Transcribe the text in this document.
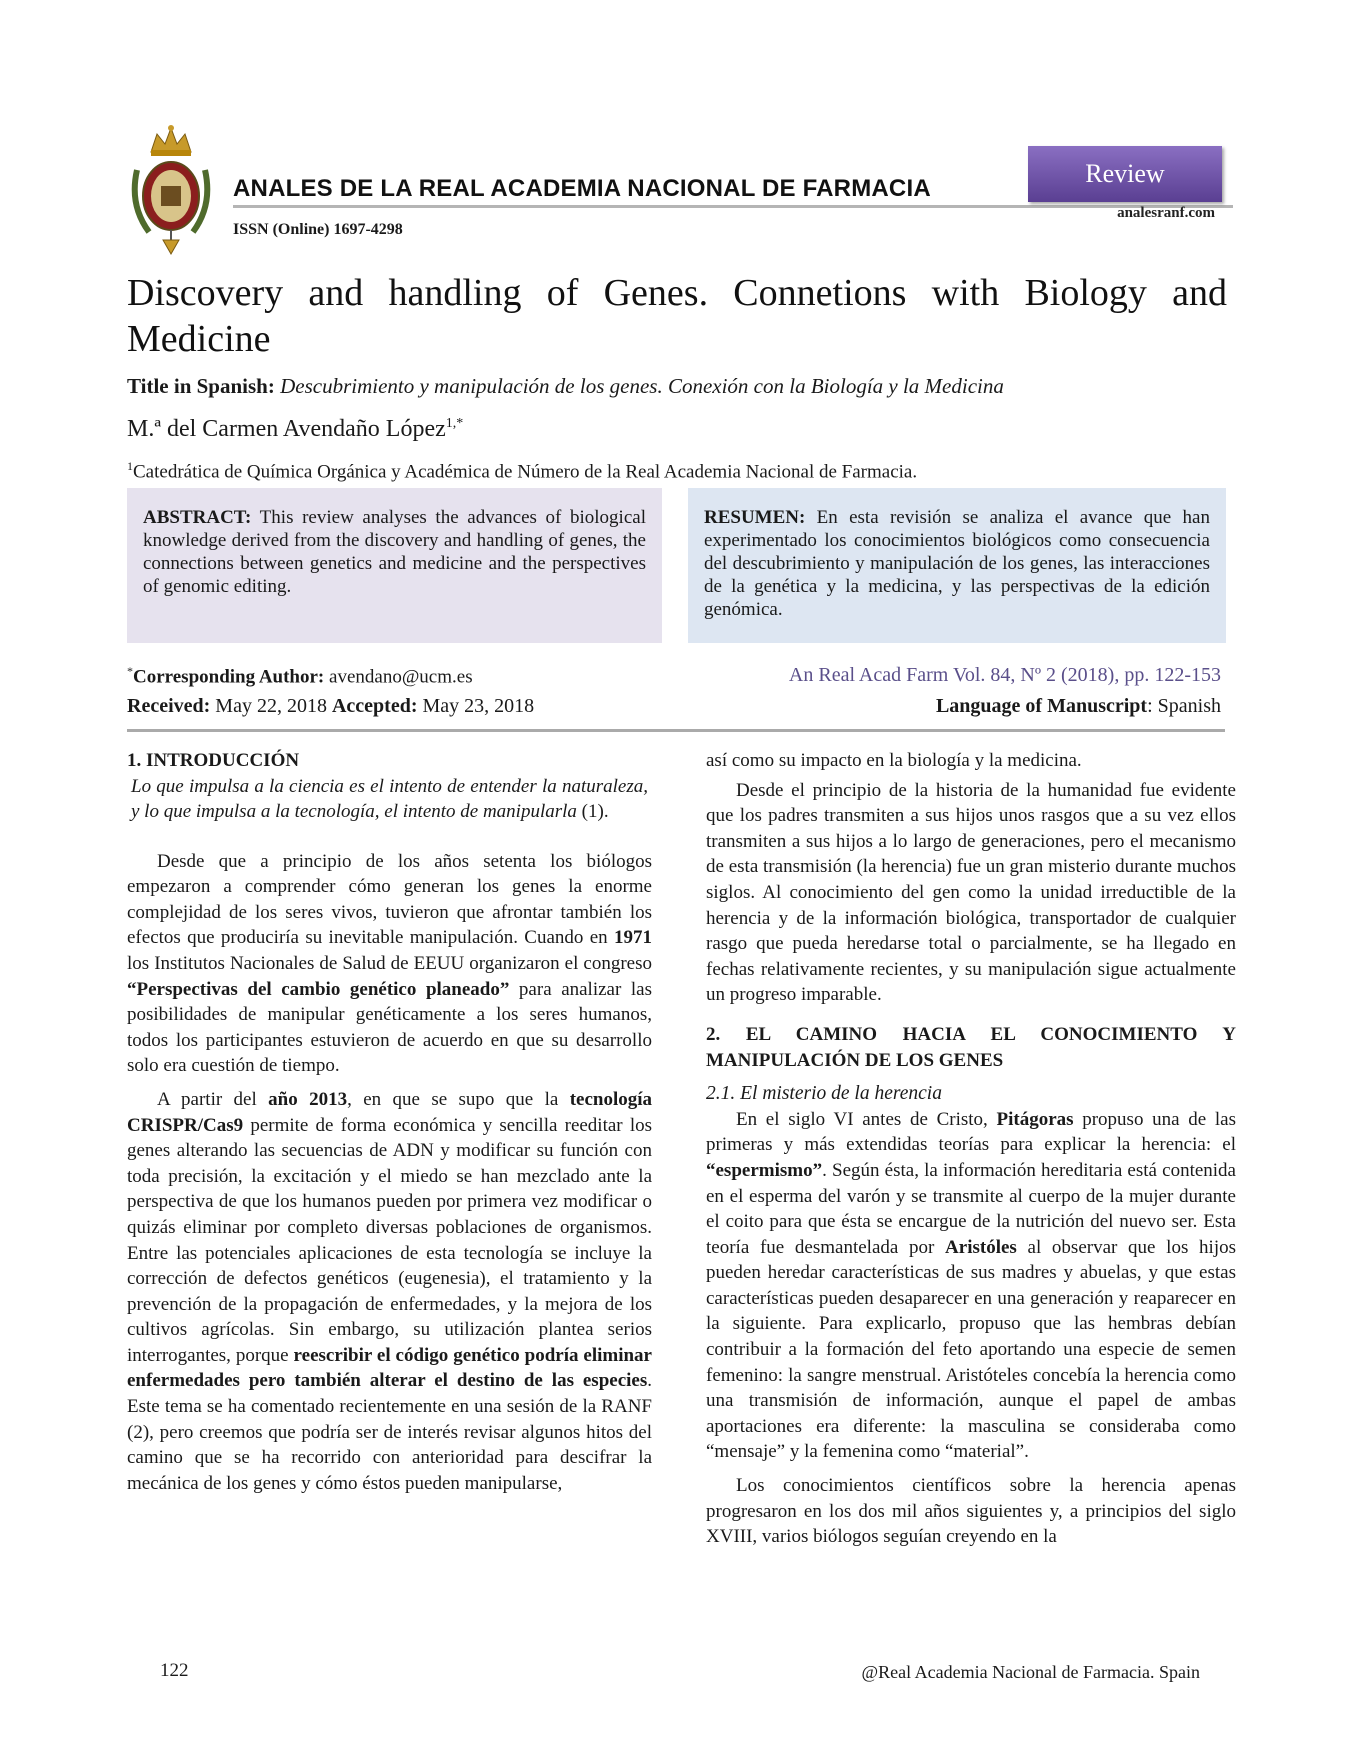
ANALES DE LA REAL ACADEMIA NACIONAL DE FARMACIA
ISSN (Online) 1697-4298
Review
analesranf.com
Discovery and handling of Genes. Connetions with Biology and Medicine
Title in Spanish: Descubrimiento y manipulación de los genes. Conexión con la Biología y la Medicina
M.ª del Carmen Avendaño López$^{1,*}$
$^1$Catedrática de Química Orgánica y Académica de Número de la Real Academia Nacional de Farmacia.
ABSTRACT: This review analyses the advances of biological knowledge derived from the discovery and handling of genes, the connections between genetics and medicine and the perspectives of genomic editing.
RESUMEN: En esta revisión se analiza el avance que han experimentado los conocimientos biológicos como consecuencia del descubrimiento y manipulación de los genes, las interacciones de la genética y la medicina, y las perspectivas de la edición genómica.
*Corresponding Author: avendano@ucm.es	An Real Acad Farm Vol. 84, Nº 2 (2018), pp. 122-153
Received: May 22, 2018 Accepted: May 23, 2018	Language of Manuscript: Spanish

1. INTRODUCCIÓN

Lo que impulsa a la ciencia es el intento de entender la naturaleza, y lo que impulsa a la tecnología, el intento de manipularla (1).

Desde que a principio de los años setenta los biólogos empezaron a comprender cómo generan los genes la enorme complejidad de los seres vivos, tuvieron que afrontar también los efectos que produciría su inevitable manipulación. Cuando en 1971 los Institutos Nacionales de Salud de EEUU organizaron el congreso “Perspectivas del cambio genético planeado” para analizar las posibilidades de manipular genéticamente a los seres humanos, todos los participantes estuvieron de acuerdo en que su desarrollo solo era cuestión de tiempo.

A partir del año 2013, en que se supo que la tecnología CRISPR/Cas9 permite de forma económica y sencilla reeditar los genes alterando las secuencias de ADN y modificar su función con toda precisión, la excitación y el miedo se han mezclado ante la perspectiva de que los humanos pueden por primera vez modificar o quizás eliminar por completo diversas poblaciones de organismos. Entre las potenciales aplicaciones de esta tecnología se incluye la corrección de defectos genéticos (eugenesia), el tratamiento y la prevención de la propagación de enfermedades, y la mejora de los cultivos agrícolas. Sin embargo, su utilización plantea serios interrogantes, porque reescribir el código genético podría eliminar enfermedades pero también alterar el destino de las especies. Este tema se ha comentado recientemente en una sesión de la RANF (2), pero creemos que podría ser de interés revisar algunos hitos del camino que se ha recorrido con anterioridad para descifrar la mecánica de los genes y cómo éstos pueden manipularse,

así como su impacto en la biología y la medicina.

Desde el principio de la historia de la humanidad fue evidente que los padres transmiten a sus hijos unos rasgos que a su vez ellos transmiten a sus hijos a lo largo de generaciones, pero el mecanismo de esta transmisión (la herencia) fue un gran misterio durante muchos siglos. Al conocimiento del gen como la unidad irreductible de la herencia y de la información biológica, transportador de cualquier rasgo que pueda heredarse total o parcialmente, se ha llegado en fechas relativamente recientes, y su manipulación sigue actualmente un progreso imparable.

2. EL CAMINO HACIA EL CONOCIMIENTO Y MANIPULACIÓN DE LOS GENES

2.1. El misterio de la herencia

En el siglo VI antes de Cristo, Pitágoras propuso una de las primeras y más extendidas teorías para explicar la herencia: el “espermismo”. Según ésta, la información hereditaria está contenida en el esperma del varón y se transmite al cuerpo de la mujer durante el coito para que ésta se encargue de la nutrición del nuevo ser. Esta teoría fue desmantelada por Aristóles al observar que los hijos pueden heredar características de sus madres y abuelas, y que estas características pueden desaparecer en una generación y reaparecer en la siguiente. Para explicarlo, propuso que las hembras debían contribuir a la formación del feto aportando una especie de semen femenino: la sangre menstrual. Aristóteles concebía la herencia como una transmisión de información, aunque el papel de ambas aportaciones era diferente: la masculina se consideraba como “mensaje” y la femenina como “material”.

Los conocimientos científicos sobre la herencia apenas progresaron en los dos mil años siguientes y, a principios del siglo XVIII, varios biólogos seguían creyendo en la

122	@Real Academia Nacional de Farmacia. Spain
